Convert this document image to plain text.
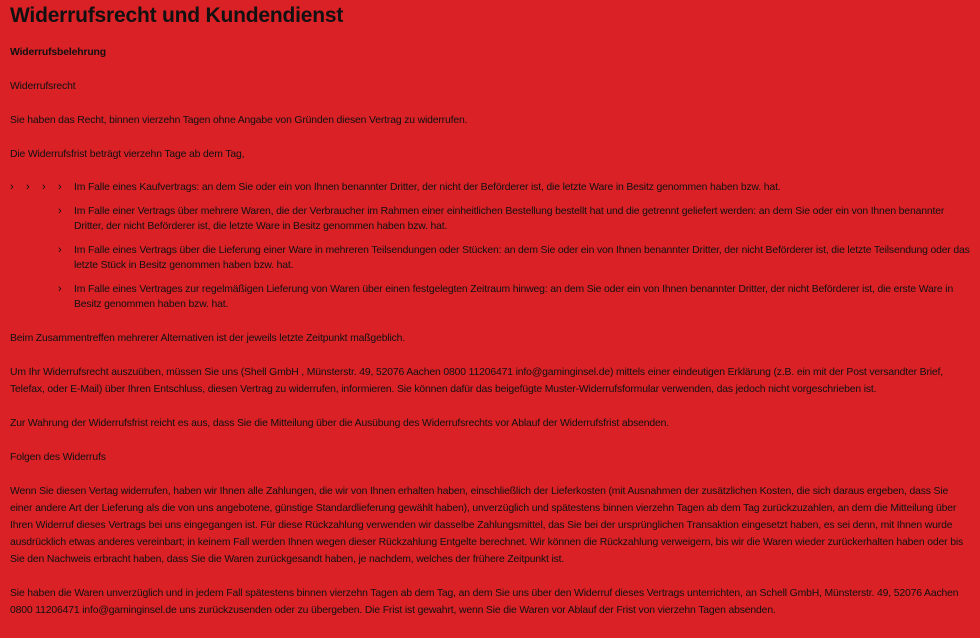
Widerrufsrecht und Kundendienst

Widerrufsbelehrung

Widerrufsrecht

Sie haben das Recht, binnen vierzehn Tagen ohne Angabe von Gründen diesen Vertrag zu widerrufen.

Die Widerrufsfrist beträgt vierzehn Tage ab dem Tag,

› › › › Im Falle eines Kaufvertrags: an dem Sie oder ein von Ihnen benannter Dritter, der nicht der Beförderer ist, die letzte Ware in Besitz genommen haben bzw. hat.
› Im Falle einer Vertrags über mehrere Waren, die der Verbraucher im Rahmen einer einheitlichen Bestellung bestellt hat und die getrennt geliefert werden: an dem Sie oder ein von Ihnen benannter Dritter, der nicht Beförderer ist, die letzte Ware in Besitz genommen haben bzw. hat.
› Im Falle eines Vertrags über die Lieferung einer Ware in mehreren Teilsendungen oder Stücken: an dem Sie oder ein von Ihnen benannter Dritter, der nicht Beförderer ist, die letzte Teilsendung oder das letzte Stück in Besitz genommen haben bzw. hat.
› Im Falle eines Vertrages zur regelmäßigen Lieferung von Waren über einen festgelegten Zeitraum hinweg: an dem Sie oder ein von Ihnen benannter Dritter, der nicht Beförderer ist, die erste Ware in Besitz genommen haben bzw. hat.

Beim Zusammentreffen mehrerer Alternativen ist der jeweils letzte Zeitpunkt maßgeblich.

Um Ihr Widerrufsrecht auszuüben, müssen Sie uns (Shell GmbH , Münsterstr. 49, 52076 Aachen 0800 11206471 info@gaminginsel.de) mittels einer eindeutigen Erklärung (z.B. ein mit der Post versandter Brief, Telefax, oder E-Mail) über Ihren Entschluss, diesen Vertrag zu widerrufen, informieren. Sie können dafür das beigefügte Muster-Widerrufsformular verwenden, das jedoch nicht vorgeschrieben ist.

Zur Wahrung der Widerrufsfrist reicht es aus, dass Sie die Mitteilung über die Ausübung des Widerrufsrechts vor Ablauf der Widerrufsfrist absenden.

Folgen des Widerrufs

Wenn Sie diesen Vertag widerrufen, haben wir Ihnen alle Zahlungen, die wir von Ihnen erhalten haben, einschließlich der Lieferkosten (mit Ausnahmen der zusätzlichen Kosten, die sich daraus ergeben, dass Sie einer andere Art der Lieferung als die von uns angebotene, günstige Standardlieferung gewählt haben), unverzüglich und spätestens binnen vierzehn Tagen ab dem Tag zurückzuzahlen, an dem die Mitteilung über Ihren Widerruf dieses Vertrags bei uns eingegangen ist. Für diese Rückzahlung verwenden wir dasselbe Zahlungsmittel, das Sie bei der ursprünglichen Transaktion eingesetzt haben, es sei denn, mit Ihnen wurde ausdrücklich etwas anderes vereinbart; in keinem Fall werden Ihnen wegen dieser Rückzahlung Entgelte berechnet. Wir können die Rückzahlung verweigern, bis wir die Waren wieder zurückerhalten haben oder bis Sie den Nachweis erbracht haben, dass Sie die Waren zurückgesandt haben, je nachdem, welches der frühere Zeitpunkt ist.

Sie haben die Waren unverzüglich und in jedem Fall spätestens binnen vierzehn Tagen ab dem Tag, an dem Sie uns über den Widerruf dieses Vertrags unterrichten, an Schell GmbH, Münsterstr. 49, 52076 Aachen 0800 11206471 info@gaminginsel.de uns zurückzusenden oder zu übergeben. Die Frist ist gewahrt, wenn Sie die Waren vor Ablauf der Frist von vierzehn Tagen absenden.
